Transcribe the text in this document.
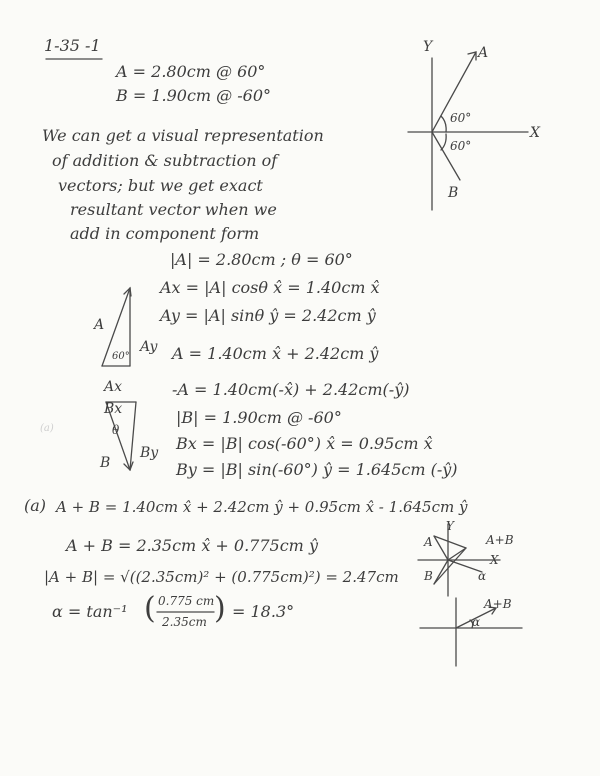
1-35 -1
A = 2.80cm @ 60°
B = 1.90cm @ -60°
We can get a visual representation
of addition & subtraction of
vectors; but we get exact
resultant vector when we
add in component form
Y
X
A
B
60°
60°
|A| = 2.80cm ; θ = 60°
Ax = |A| cosθ x̂ = 1.40cm x̂
Ay = |A| sinθ ŷ = 2.42cm ŷ
A = 1.40cm x̂ + 2.42cm ŷ
-A = 1.40cm(-x̂) + 2.42cm(-ŷ)
|B| = 1.90cm @ -60°
Bx = |B| cos(-60°) x̂ = 0.95cm x̂
By = |B| sin(-60°) ŷ = 1.645cm (-ŷ)
A
Ay
60°
Ax
Bx
θ
B
By
(a)
(a) A + B = 1.40cm x̂ + 2.42cm ŷ + 0.95cm x̂ - 1.645cm ŷ
A + B = 2.35cm x̂ + 0.775cm ŷ
|A + B| = √((2.35cm)² + (0.775cm)²) = 2.47cm
α = tan⁻¹ ( 0.775 cm
2.35cm ) = 18.3°
Y
X
A
B
A+B
α
A+B
α
